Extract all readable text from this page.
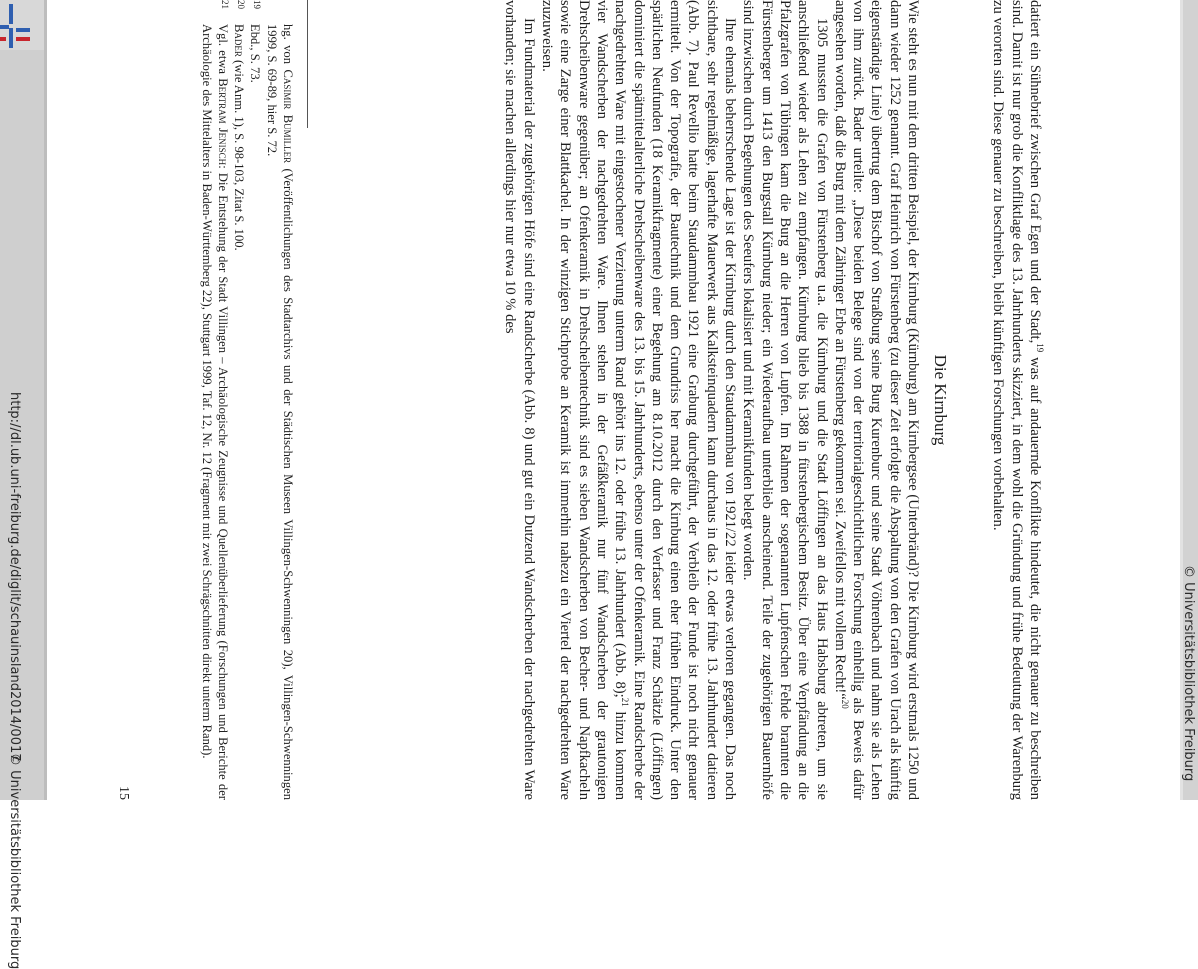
http://dl.ub.uni-freiburg.de/diglit/schauinsland2014/0017
© Universitätsbibliothek Freiburg
© Universitätsbibliothek Freiburg

datiert ein Sühnebrief zwischen Graf Egen und der Stadt,$^{19}$ was auf andauernde Konflikte hindeutet, die nicht genauer zu beschreiben sind. Damit ist nur grob die Konfliktlage des 13. Jahrhunderts skizziert, in dem wohl die Gründung und frühe Bedeutung der Warenburg zu verorten sind. Diese genauer zu beschreiben, bleibt künftigen Forschungen vorbehalten.

Die Kirnburg

Wie steht es nun mit dem dritten Beispiel, der Kirnburg (Kürnburg) am Kirnbergsee (Unterbränd)? Die Kirnburg wird erstmals 1250 und dann wieder 1252 genannt. Graf Heinrich von Fürstenberg (zu dieser Zeit erfolgte die Abspaltung von den Grafen von Urach als künftig eigenständige Linie) übertrug dem Bischof von Straßburg seine Burg Kurenburc und seine Stadt Vöhrenbach und nahm sie als Lehen von ihm zurück. Bader urteilte: „Diese beiden Belege sind von der territorialgeschichtlichen Forschung einhellig als Beweis dafür angesehen worden, daß die Burg mit dem Zähringer Erbe an Fürstenberg gekommen sei. Zweifellos mit vollem Recht!“$^{20}$

1305 mussten die Grafen von Fürstenberg u.a. die Kürnburg und die Stadt Löffingen an das Haus Habsburg abtreten, um sie anschließend wieder als Lehen zu empfangen. Kürnburg blieb bis 1388 in fürstenbergischem Besitz. Über eine Verpfändung an die Pfalzgrafen von Tübingen kam die Burg an die Herren von Lupfen. Im Rahmen der sogenannten Lupfenschen Fehde brannten die Fürstenberger um 1413 den Burgstall Kürnburg nieder; ein Wiederaufbau unterblieb anscheinend. Teile der zugehörigen Bauernhöfe sind inzwischen durch Begehungen des Seeufers lokalisiert und mit Keramikfunden belegt worden.

Ihre ehemals beherrschende Lage ist der Kirnburg durch den Staudammbau von 1921/22 leider etwas verloren gegangen. Das noch sichtbare, sehr regelmäßige, lagerhafte Mauerwerk aus Kalksteinquadern kann durchaus in das 12. oder frühe 13. Jahrhundert datieren (Abb. 7). Paul Revellio hatte beim Staudammbau 1921 eine Grabung durchgeführt, der Verbleib der Funde ist noch nicht genauer ermittelt. Von der Topografie, der Bautechnik und dem Grundriss her macht die Kirnburg einen eher frühen Eindruck. Unter den spärlichen Neufunden (18 Keramikfragmente) einer Begehung am 8.10.2012 durch den Verfasser und Franz Schätzle (Löffingen) dominiert die spätmittelalterliche Drehscheibenware des 13. bis 15. Jahrhunderts, ebenso unter der Ofenkeramik. Eine Randscherbe der nachgedrehten Ware mit eingestochener Verzierung unterm Rand gehört ins 12. oder frühe 13. Jahrhundert (Abb. 8);$^{21}$ hinzu kommen vier Wandscherben der nachgedrehten Ware. Ihnen stehen in der Gefäßkeramik nur fünf Wandscherben der grautonigen Drehscheibenware gegenüber; an Ofenkeramik in Drehscheibentechnik sind es sieben Wandscherben von Becher- und Napfkacheln sowie eine Zarge einer Blattkachel. In der winzigen Stichprobe an Keramik ist immerhin nahezu ein Viertel der nachgedrehten Ware zuzuweisen.

Im Fundmaterial der zugehörigen Höfe sind eine Randscherbe (Abb. 8) und gut ein Dutzend Wandscherben der nachgedrehten Ware vorhanden; sie machen allerdings hier nur etwa 10 % des

hg. von Casimir Bumiller (Veröffentlichungen des Stadtarchivs und der Städtischen Museen Villingen-Schwenningen 20), Villingen-Schwenningen 1999, S. 69-89, hier S. 72.

19
Ebd., S. 73.

20
Bader (wie Anm. 1), S. 98-103, Zitat S. 100.

21
Vgl. etwa Bertram Jenisch: Die Entstehung der Stadt Villingen – Archäologische Zeugnisse und Quellenüberlieferung (Forschungen und Berichte der Archäologie des Mittelalters in Baden-Württemberg 22), Stuttgart 1999, Taf. 12, Nr. 12 (Fragment mit zwei Schrägschnitten direkt unterm Rand).

15
